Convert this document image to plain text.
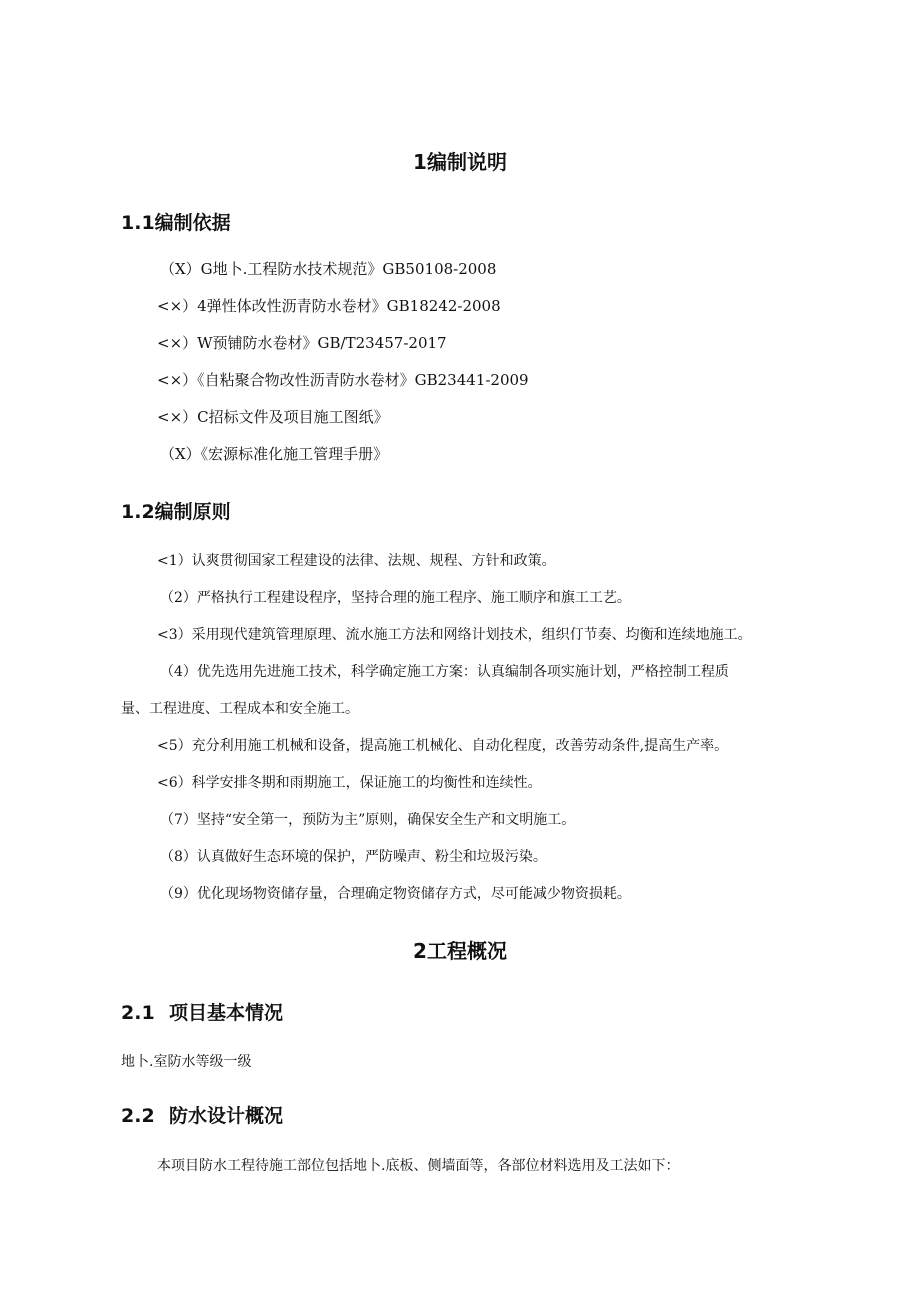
1编制说明
1.1编制依据
（X）G地卜.工程防水技术规范》GB50108-2008
<×）4弹性体改性沥青防水卷材》GB18242-2008
<×）W预铺防水卷材》GB/T23457-2017
<×）《自粘聚合物改性沥青防水卷材》GB23441-2009
<×）C招标文件及项目施工图纸》
（X）《宏源标准化施工管理手册》
1.2编制原则
<1）认爽贯彻国家工程建设的法律、法规、规程、方针和政策。
（2）严格执行工程建设程序，坚持合理的施工程序、施工顺序和旗工工艺。
<3）采用现代建筑管理原理、流水施工方法和网络计划技术，组织仃节奏、均衡和连续地施工。
（4）优先选用先进施工技术，科学确定施工方案：认真编制各项实施计划，严格控制工程质
量、工程进度、工程成本和安全施工。
<5）充分利用施工机械和设备，提高施工机械化、自动化程度，改善劳动条件,提高生产率。
<6）科学安排冬期和雨期施工，保证施工的均衡性和连续性。
（7）坚持“安全第一，预防为主”原则，确保安全生产和文明施工。
（8）认真做好生态环境的保护，严防噪声、粉尘和垃圾污染。
（9）优化现场物资储存量，合理确定物资储存方式，尽可能减少物资损耗。
2工程概况
2.1 项目基本情况
地卜.室防水等级一级
2.2 防水设计概况
本项目防水工程待施工部位包括地卜.底板、侧墙面等，各部位材料选用及工法如下：
